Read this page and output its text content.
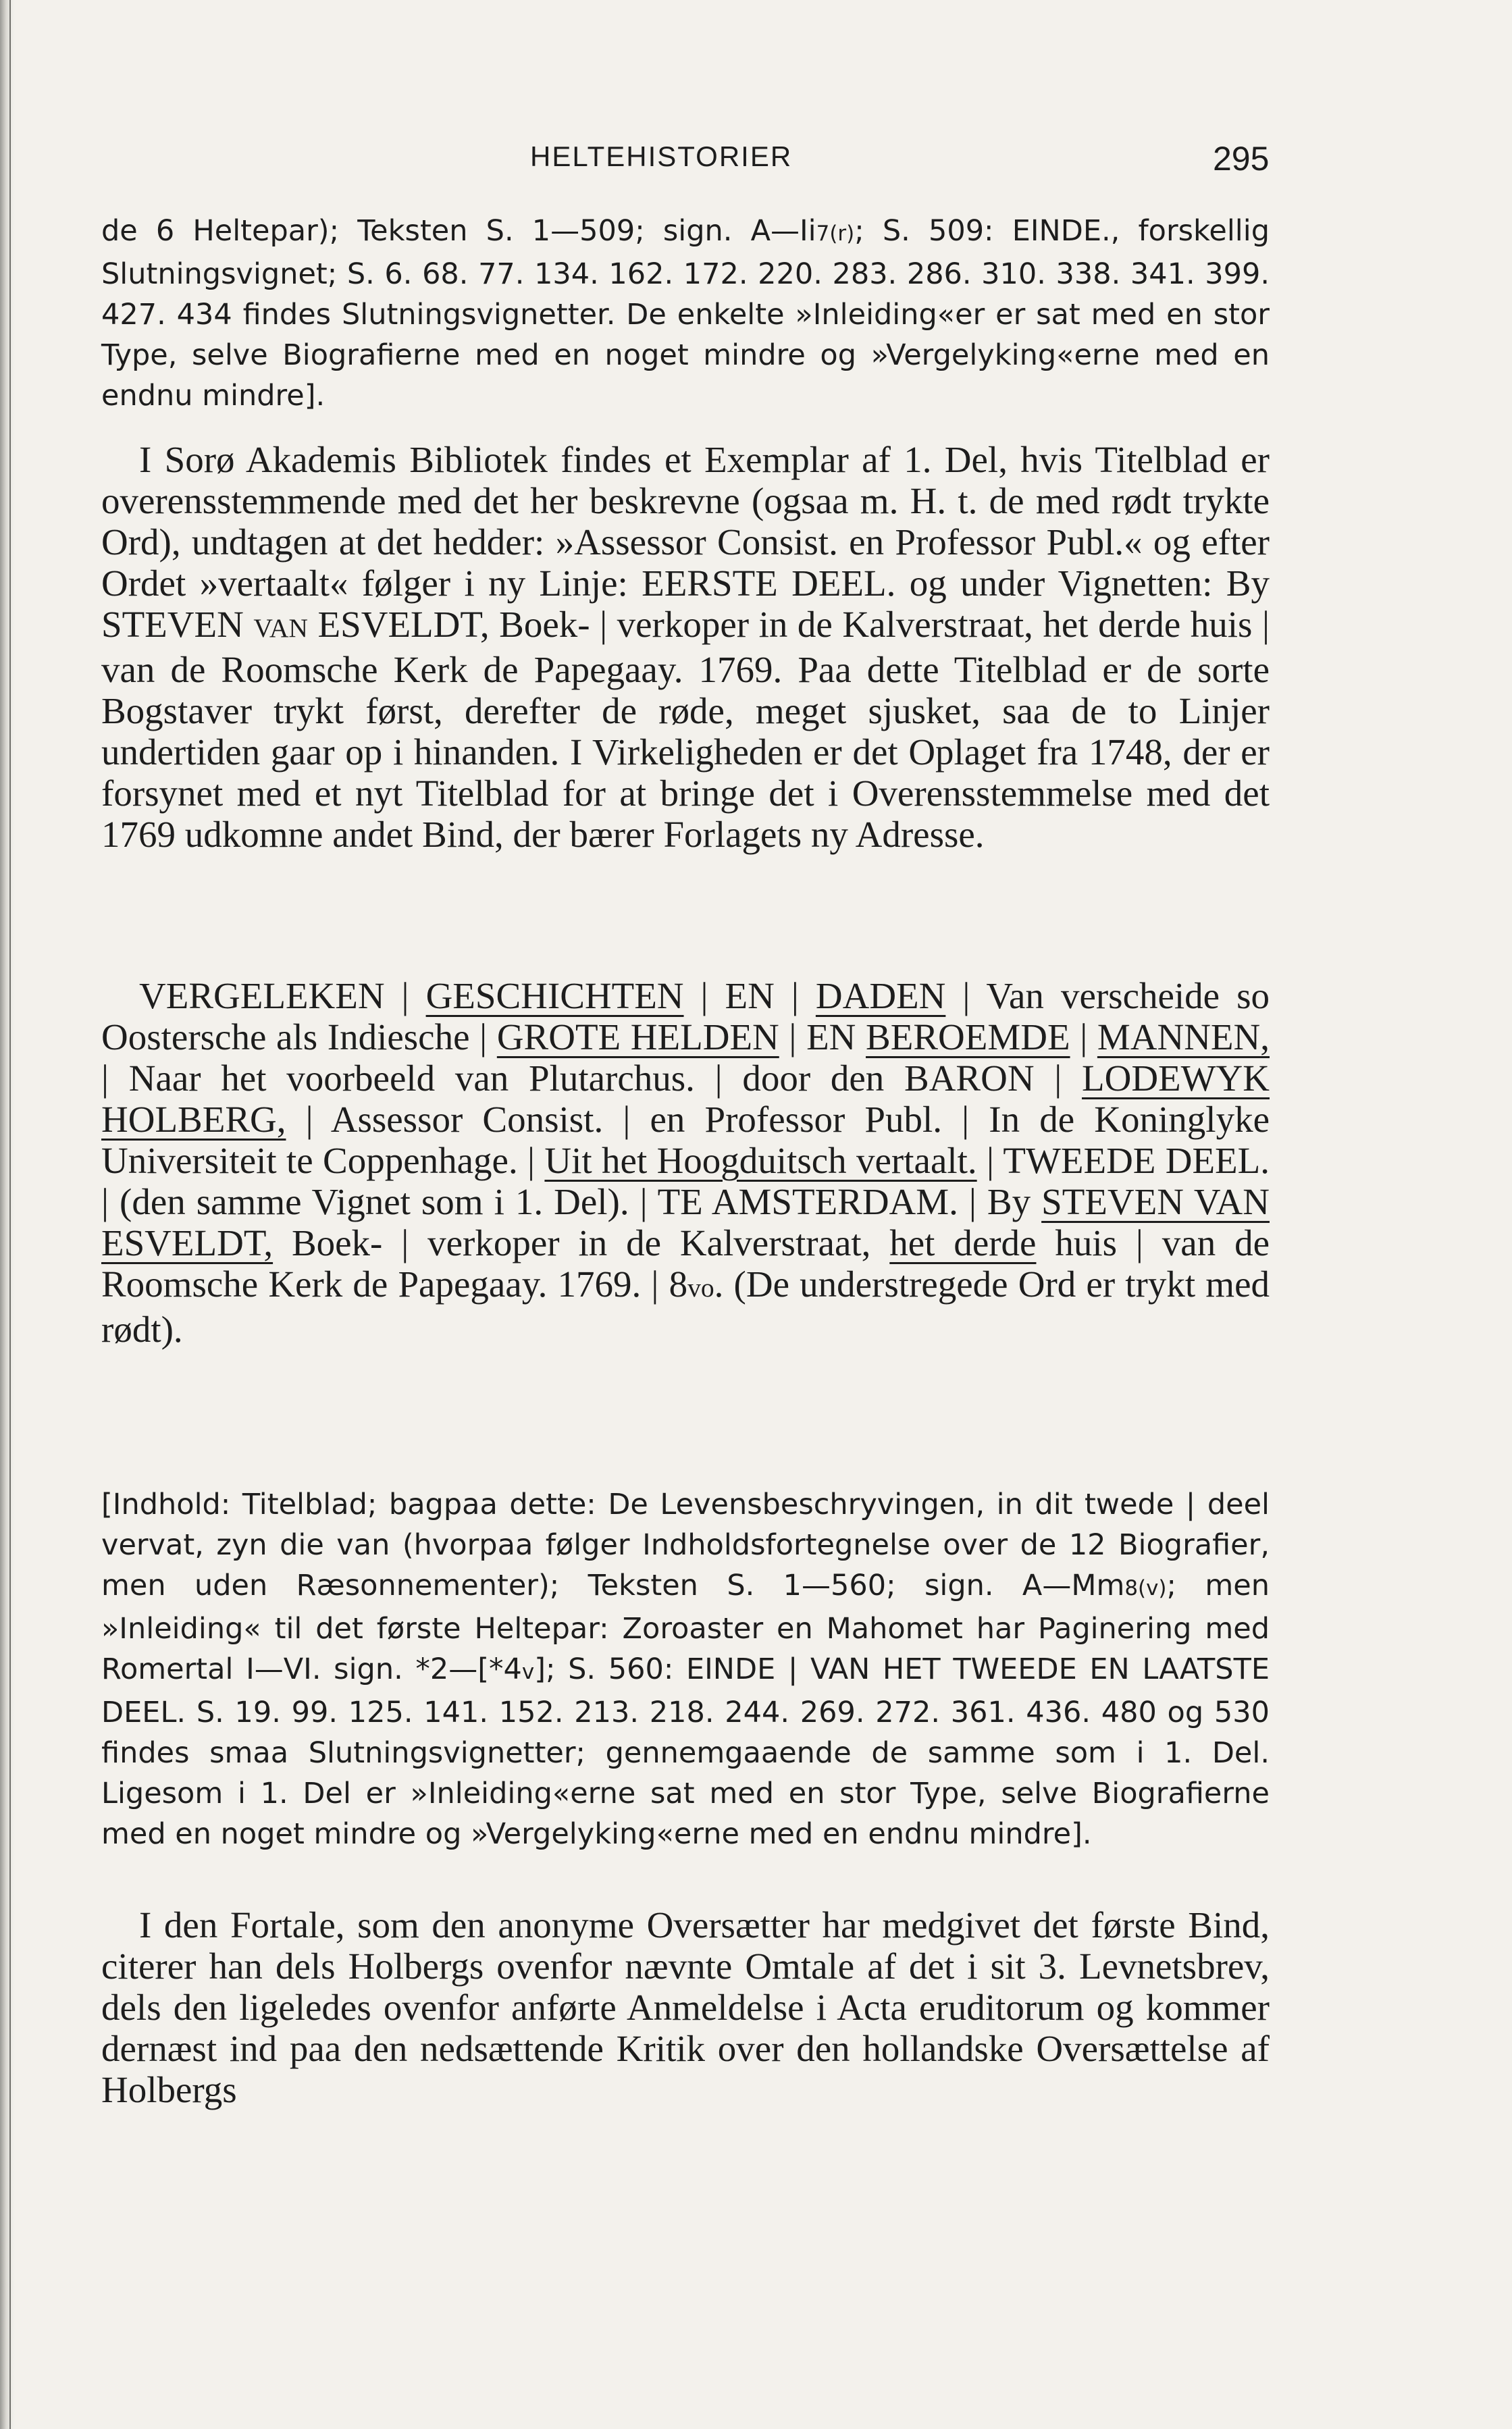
HELTEHISTORIER	295

de 6 Heltepar); Teksten S. 1—509; sign. A—Ii7(r); S. 509: EINDE., forskellig Slutningsvignet; S. 6. 68. 77. 134. 162. 172. 220. 283. 286. 310. 338. 341. 399. 427. 434 findes Slutningsvignetter. De enkelte »Inleiding«er er sat med en stor Type, selve Biografierne med en noget mindre og »Vergelyking«erne med en endnu mindre].

I Sorø Akademis Bibliotek findes et Exemplar af 1. Del, hvis Titelblad er overensstemmende med det her beskrevne (ogsaa m. H. t. de med rødt trykte Ord), undtagen at det hedder: »Assessor Consist. en Professor Publ.« og efter Ordet »vertaalt« følger i ny Linje: EERSTE DEEL. og under Vignetten: By STEVEN VAN ESVELDT, Boek- | verkoper in de Kalverstraat, het derde huis | van de Roomsche Kerk de Papegaay. 1769. Paa dette Titelblad er de sorte Bogstaver trykt først, derefter de røde, meget sjusket, saa de to Linjer undertiden gaar op i hinanden. I Virkeligheden er det Oplaget fra 1748, der er forsynet med et nyt Titelblad for at bringe det i Overensstemmelse med det 1769 udkomne andet Bind, der bærer Forlagets ny Adresse.

VERGELEKEN | GESCHICHTEN | EN | DADEN | Van verscheide so Oostersche als Indiesche | GROTE HELDEN | EN BEROEMDE | MANNEN, | Naar het voorbeeld van Plutarchus. | door den BARON | LODEWYK HOLBERG, | Assessor Consist. | en Professor Publ. | In de Koninglyke Universiteit te Coppenhage. | Uit het Hoogduitsch vertaalt. | TWEEDE DEEL. | (den samme Vignet som i 1. Del). | TE AMSTERDAM. | By STEVEN VAN ESVELDT, Boek- | verkoper in de Kalverstraat, het derde huis | van de Roomsche Kerk de Papegaay. 1769. | 8vo. (De understregede Ord er trykt med rødt).

[Indhold: Titelblad; bagpaa dette: De Levensbeschryvingen, in dit twede | deel vervat, zyn die van (hvorpaa følger Indholdsfortegnelse over de 12 Biografier, men uden Ræsonnementer); Teksten S. 1—560; sign. A—Mm8(v); men »Inleiding« til det første Heltepar: Zoroaster en Mahomet har Paginering med Romertal I—VI. sign. *2—[*4v]; S. 560: EINDE | VAN HET TWEEDE EN LAATSTE DEEL. S. 19. 99. 125. 141. 152. 213. 218. 244. 269. 272. 361. 436. 480 og 530 findes smaa Slutningsvignetter; gennemgaaende de samme som i 1. Del. Ligesom i 1. Del er »Inleiding«erne sat med en stor Type, selve Biografierne med en noget mindre og »Vergelyking«erne med en endnu mindre].

I den Fortale, som den anonyme Oversætter har medgivet det første Bind, citerer han dels Holbergs ovenfor nævnte Omtale af det i sit 3. Levnetsbrev, dels den ligeledes ovenfor anførte Anmeldelse i Acta eruditorum og kommer dernæst ind paa den nedsættende Kritik over den hollandske Oversættelse af Holbergs
